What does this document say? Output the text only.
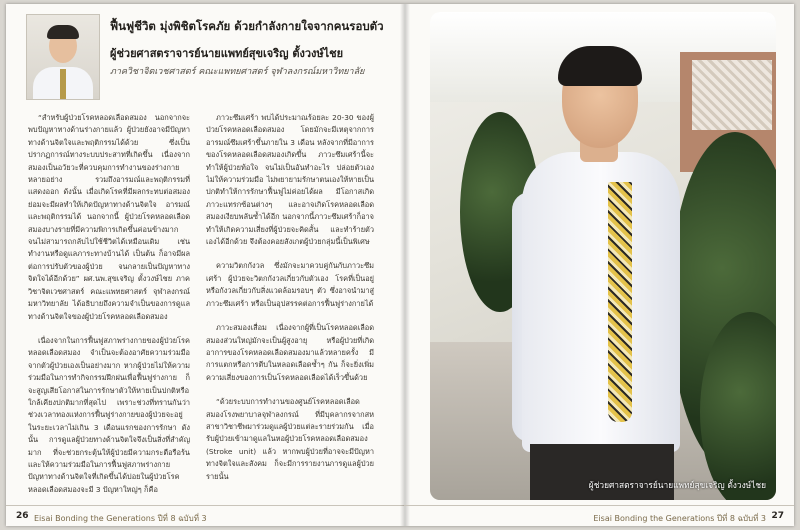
ฟื้นฟูชีวิต มุ่งพิชิตโรคภัย ด้วยกำลังกายใจจากคนรอบตัว
ผู้ช่วยศาสตราจารย์นายแพทย์สุขเจริญ ตั้งวงษ์ไชย
ภาควิชาจิตเวชศาสตร์ คณะแพทยศาสตร์ จุฬาลงกรณ์มหาวิทยาลัย

“สำหรับผู้ป่วยโรคหลอดเลือดสมอง นอกจากจะพบปัญหาทางด้านร่างกายแล้ว ผู้ป่วยยังอาจมีปัญหาทางด้านจิตใจและพฤติกรรมได้ด้วย ซึ่งเป็นปรากฏการณ์ทางระบบประสาทที่เกิดขึ้น เนื่องจากสมองเป็นอวัยวะที่ควบคุมการทำงานของร่างกายหลายอย่าง รวมถึงอารมณ์และพฤติกรรมที่แสดงออก ดังนั้น เมื่อเกิดโรคที่มีผลกระทบต่อสมอง ย่อมจะมีผลทำให้เกิดปัญหาทางด้านจิตใจ อารมณ์ และพฤติกรรมได้ นอกจากนี้ ผู้ป่วยโรคหลอดเลือดสมองบางรายที่มีความพิการเกิดขึ้นค่อนข้างมาก จนไม่สามารถกลับไปใช้ชีวิตได้เหมือนเดิม เช่น ทำงานหรือดูแลภาระทางบ้านได้ เป็นต้น ก็อาจมีผลต่อการปรับตัวของผู้ป่วย จนกลายเป็นปัญหาทางจิตใจได้อีกด้วย” ผศ.นพ.สุขเจริญ ตั้งวงษ์ไชย ภาควิชาจิตเวชศาสตร์ คณะแพทยศาสตร์ จุฬาลงกรณ์มหาวิทยาลัย ได้อธิบายถึงความจำเป็นของการดูแลทางด้านจิตใจของผู้ป่วยโรคหลอดเลือดสมอง

เนื่องจากในการฟื้นฟูสภาพร่างกายของผู้ป่วยโรคหลอดเลือดสมอง จำเป็นจะต้องอาศัยความร่วมมือจากตัวผู้ป่วยเองเป็นอย่างมาก หากผู้ป่วยไม่ให้ความร่วมมือในการทำกิจกรรมฝึกฝนเพื่อฟื้นฟูร่างกาย ก็จะสูญเสียโอกาสในการรักษาตัวให้หายเป็นปกติหรือใกล้เคียงปกติมากที่สุดไป เพราะช่วงที่ทรานกันว่าช่วงเวลาทองแห่งการฟื้นฟูร่างกายของผู้ป่วยจะอยู่ในระยะเวลาไม่เกิน 3 เดือนแรกของการรักษา ดังนั้น การดูแลผู้ป่วยทางด้านจิตใจจึงเป็นสิ่งที่สำคัญมาก ที่จะช่วยกระตุ้นให้ผู้ป่วยมีความกระตือรือร้นและให้ความร่วมมือในการฟื้นฟูสภาพร่างกาย ปัญหาทางด้านจิตใจที่เกิดขึ้นได้บ่อยในผู้ป่วยโรคหลอดเลือดสมองจะมี 3 ปัญหาใหญ่ๆ ก็คือ

ภาวะซึมเศร้า พบได้ประมาณร้อยละ 20-30 ของผู้ป่วยโรคหลอดเลือดสมอง โดยมักจะมีเหตุจากการอารมณ์ซึมเศร้าขึ้นภายใน 3 เดือน หลังจากที่มีอาการของโรคหลอดเลือดสมองเกิดขึ้น ภาวะซึมเศร้านี้จะทำให้ผู้ป่วยท้อใจ จนไม่เป็นอันทำอะไร ปล่อยตัวเอง ไม่ให้ความร่วมมือ ไม่พยายามรักษาตนเองให้หายเป็นปกติทำให้การรักษาฟื้นฟูไม่ค่อยได้ผล มีโอกาสเกิดภาวะแทรกซ้อนต่างๆ และอาจเกิดโรคหลอดเลือดสมองเงียบพลันซ้ำได้อีก นอกจากนี้ภาวะซึมเศร้าก็อาจทำให้เกิดความเสี่ยงที่ผู้ป่วยจะคิดสั้น และทำร้ายตัวเองได้อีกด้วย จึงต้องคอยสังเกตผู้ป่วยกลุ่มนี้เป็นพิเศษ

ความวิตกกังวล ซึ่งมักจะมาควบคู่กันกับภาวะซึมเศร้า ผู้ป่วยจะวิตกกังวลเกี่ยวกับตัวเอง โรคที่เป็นอยู่ หรือกังวลเกี่ยวกับสิ่งแวดล้อมรอบๆ ตัว ซึ่งอาจนำมาสู่ภาวะซึมเศร้า หรือเป็นอุปสรรคต่อการฟื้นฟูร่างกายได้

ภาวะสมองเสื่อม เนื่องจากผู้ที่เป็นโรคหลอดเลือดสมองส่วนใหญ่มักจะเป็นผู้สูงอายุ หรือผู้ป่วยที่เกิดอาการของโรคหลอดเลือดสมองมาแล้วหลายครั้ง มีการแตกหรือการตีบในหลอดเลือดซ้ำๆ กัน ก็จะยิ่งเพิ่มความเสี่ยงของการเป็นโรคหลอดเลือดได้เร็วขึ้นด้วย

“ด้วยระบบการทำงานของศูนย์โรคหลอดเลือดสมองโรงพยาบาลจุฬาลงกรณ์ ที่มีบุคลากรจากสหสาขาวิชาชีพมาร่วมดูแลผู้ป่วยแต่ละรายร่วมกัน เมื่อรับผู้ป่วยเข้ามาดูแลในหอผู้ป่วยโรคหลอดเลือดสมอง (Stroke unit) แล้ว หากพบผู้ป่วยที่อาจจะมีปัญหาทางจิตใจและสังคม ก็จะมีการรายงานการดูแลผู้ป่วยรายนั้น

26 Eisai Bonding the Generations ปีที่ 8 ฉบับที่ 3
ผู้ช่วยศาสตราจารย์นายแพทย์สุขเจริญ ตั้งวงษ์ไชย
Eisai Bonding the Generations ปีที่ 8 ฉบับที่ 3 27
